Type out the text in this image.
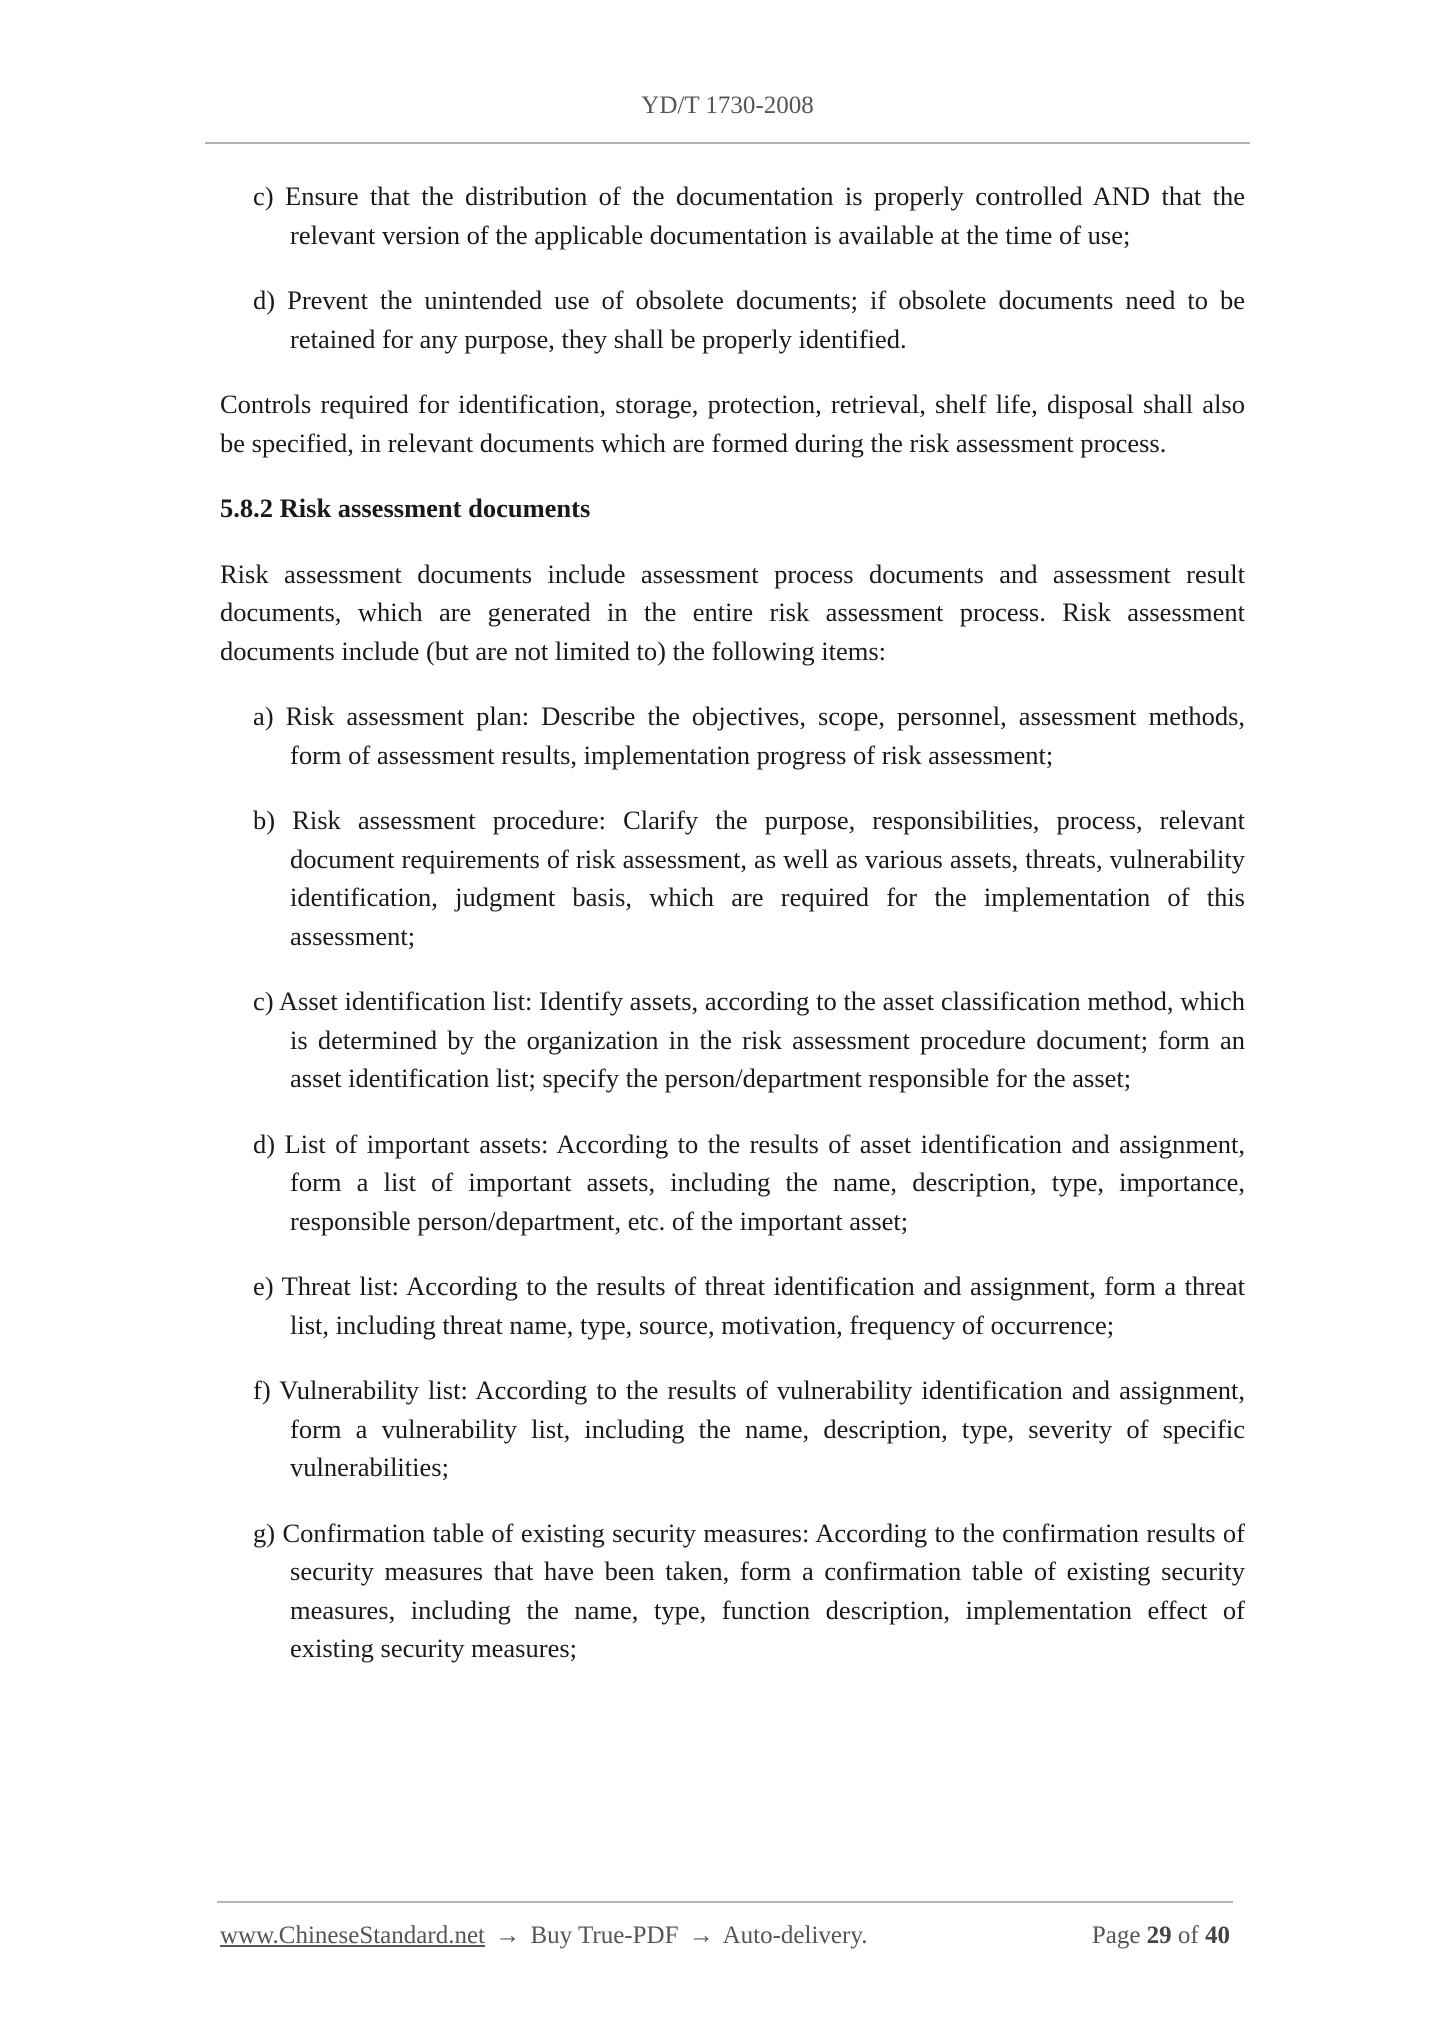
YD/T 1730-2008

c) Ensure that the distribution of the documentation is properly controlled AND that the relevant version of the applicable documentation is available at the time of use;

d) Prevent the unintended use of obsolete documents; if obsolete documents need to be retained for any purpose, they shall be properly identified.

Controls required for identification, storage, protection, retrieval, shelf life, disposal shall also be specified, in relevant documents which are formed during the risk assessment process.

5.8.2 Risk assessment documents

Risk assessment documents include assessment process documents and assessment result documents, which are generated in the entire risk assessment process. Risk assessment documents include (but are not limited to) the following items:

a) Risk assessment plan: Describe the objectives, scope, personnel, assessment methods, form of assessment results, implementation progress of risk assessment;

b) Risk assessment procedure: Clarify the purpose, responsibilities, process, relevant document requirements of risk assessment, as well as various assets, threats, vulnerability identification, judgment basis, which are required for the implementation of this assessment;

c) Asset identification list: Identify assets, according to the asset classification method, which is determined by the organization in the risk assessment procedure document; form an asset identification list; specify the person/department responsible for the asset;

d) List of important assets: According to the results of asset identification and assignment, form a list of important assets, including the name, description, type, importance, responsible person/department, etc. of the important asset;

e) Threat list: According to the results of threat identification and assignment, form a threat list, including threat name, type, source, motivation, frequency of occurrence;

f) Vulnerability list: According to the results of vulnerability identification and assignment, form a vulnerability list, including the name, description, type, severity of specific vulnerabilities;

g) Confirmation table of existing security measures: According to the confirmation results of security measures that have been taken, form a confirmation table of existing security measures, including the name, type, function description, implementation effect of existing security measures;

www.ChineseStandard.net → Buy True-PDF → Auto-delivery.	Page 29 of 40
